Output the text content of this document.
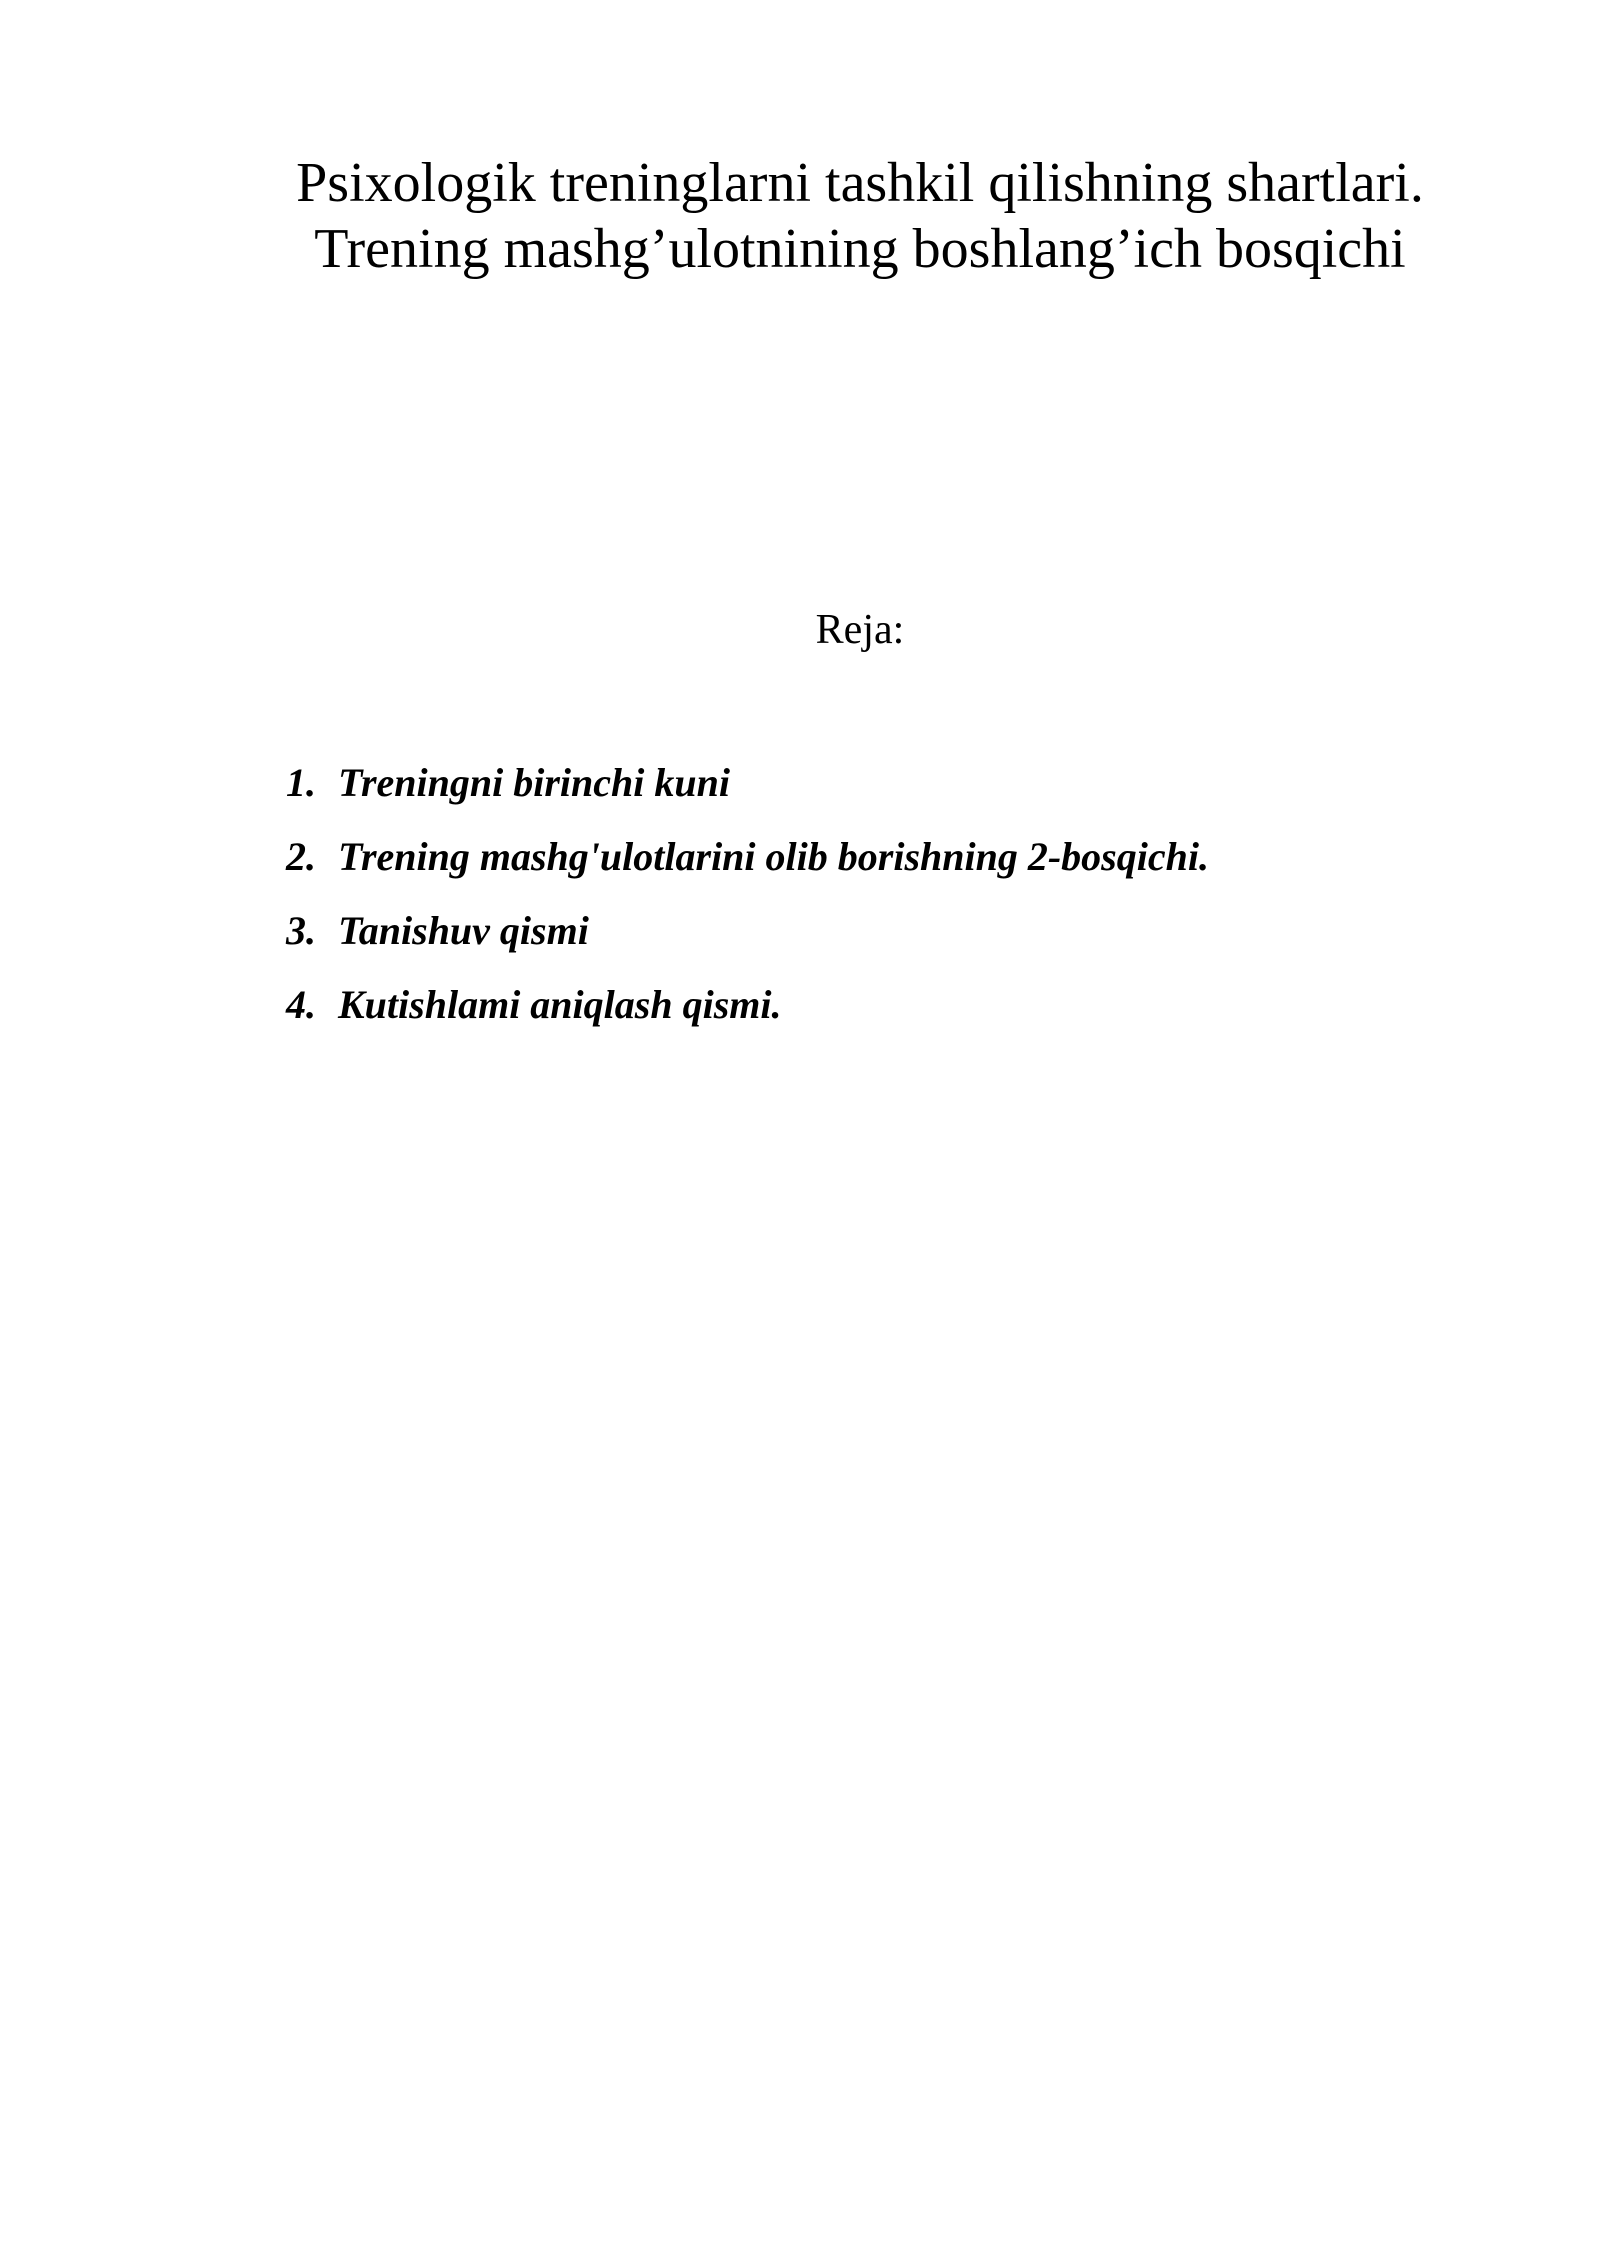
Psixologik treninglarni tashkil qilishning shartlari.
Trening mashg’ulotnining boshlang’ich bosqichi

Reja:

1. Treningni birinchi kuni
2. Trening mashg'ulotlarini olib borishning 2-bosqichi.
3. Tanishuv qismi
4. Kutishlami aniqlash qismi.
